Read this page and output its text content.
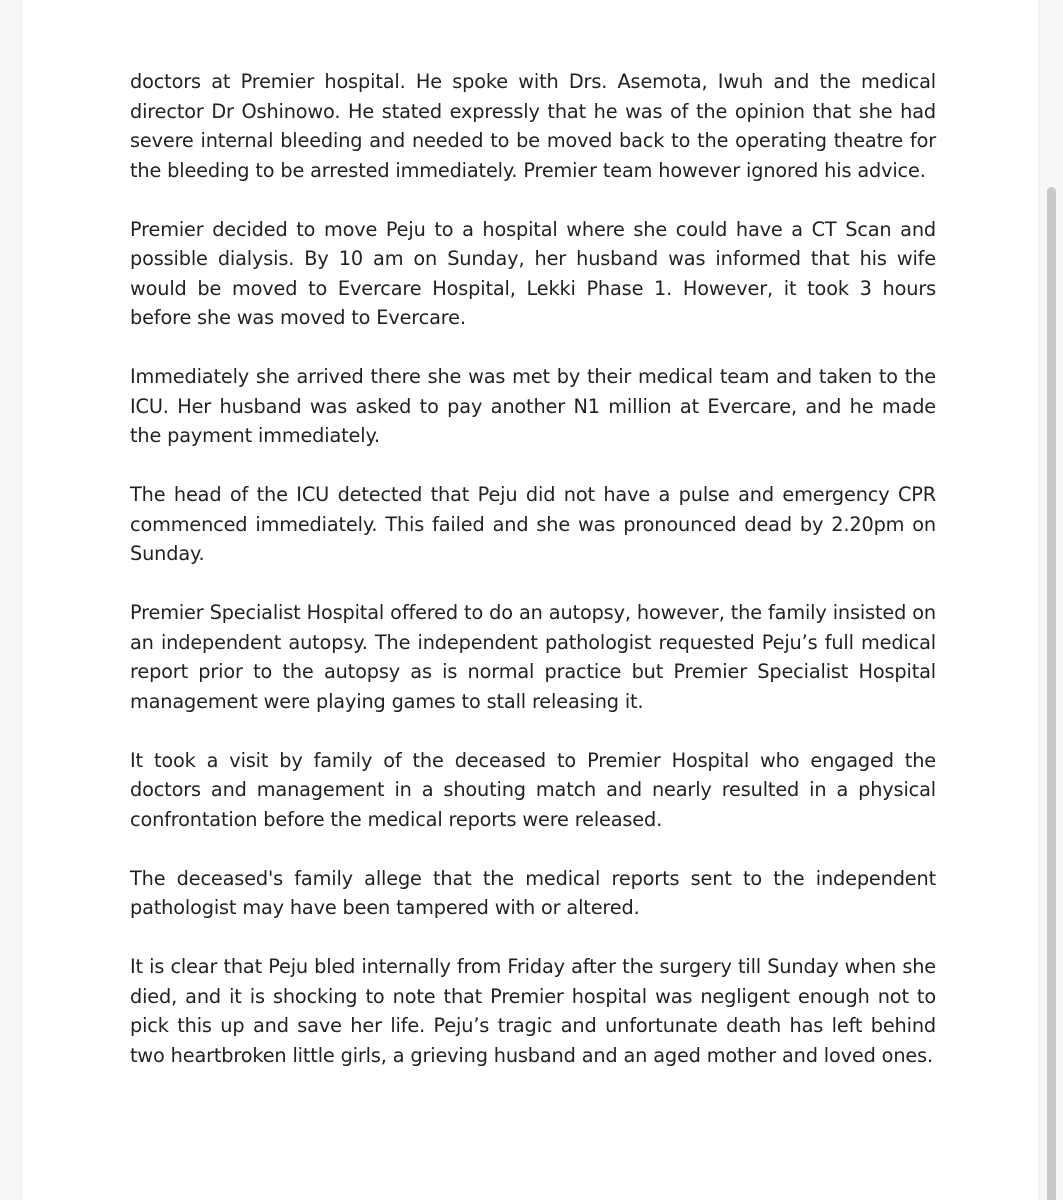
doctors at Premier hospital. He spoke with Drs. Asemota, Iwuh and the medical director Dr Oshinowo. He stated expressly that he was of the opinion that she had severe internal bleeding and needed to be moved back to the operating theatre for the bleeding to be arrested immediately. Premier team however ignored his advice.

Premier decided to move Peju to a hospital where she could have a CT Scan and possible dialysis. By 10 am on Sunday, her husband was informed that his wife would be moved to Evercare Hospital, Lekki Phase 1. However, it took 3 hours before she was moved to Evercare.

Immediately she arrived there she was met by their medical team and taken to the ICU. Her husband was asked to pay another N1 million at Evercare, and he made the payment immediately.

The head of the ICU detected that Peju did not have a pulse and emergency CPR commenced immediately. This failed and she was pronounced dead by 2.20pm on Sunday.

Premier Specialist Hospital offered to do an autopsy, however, the family insisted on an independent autopsy. The independent pathologist requested Peju’s full medical report prior to the autopsy as is normal practice but Premier Specialist Hospital management were playing games to stall releasing it.

It took a visit by family of the deceased to Premier Hospital who engaged the doctors and management in a shouting match and nearly resulted in a physical confrontation before the medical reports were released.

The deceased's family allege that the medical reports sent to the independent pathologist may have been tampered with or altered.

It is clear that Peju bled internally from Friday after the surgery till Sunday when she died, and it is shocking to note that Premier hospital was negligent enough not to pick this up and save her life. Peju’s tragic and unfortunate death has left behind two heartbroken little girls, a grieving husband and an aged mother and loved ones.
